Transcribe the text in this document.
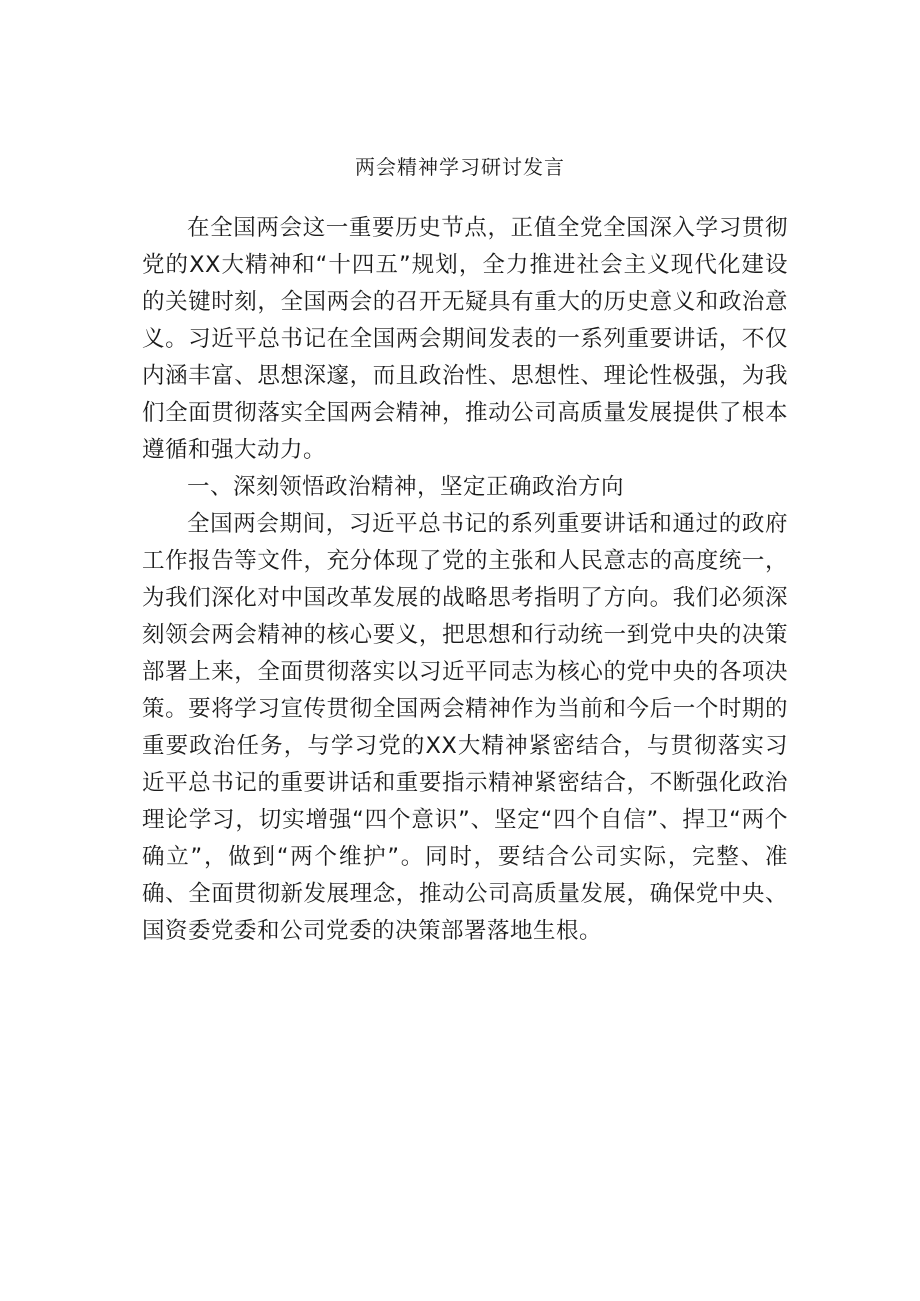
两会精神学习研讨发言

在全国两会这一重要历史节点，正值全党全国深入学习贯彻党的XX大精神和“十四五”规划，全力推进社会主义现代化建设的关键时刻，全国两会的召开无疑具有重大的历史意义和政治意义。习近平总书记在全国两会期间发表的一系列重要讲话，不仅内涵丰富、思想深邃，而且政治性、思想性、理论性极强，为我们全面贯彻落实全国两会精神，推动公司高质量发展提供了根本遵循和强大动力。

一、深刻领悟政治精神，坚定正确政治方向

全国两会期间，习近平总书记的系列重要讲话和通过的政府工作报告等文件，充分体现了党的主张和人民意志的高度统一，为我们深化对中国改革发展的战略思考指明了方向。我们必须深刻领会两会精神的核心要义，把思想和行动统一到党中央的决策部署上来，全面贯彻落实以习近平同志为核心的党中央的各项决策。要将学习宣传贯彻全国两会精神作为当前和今后一个时期的重要政治任务，与学习党的XX大精神紧密结合，与贯彻落实习近平总书记的重要讲话和重要指示精神紧密结合，不断强化政治理论学习，切实增强“四个意识”、坚定“四个自信”、捍卫“两个确立”，做到“两个维护”。同时，要结合公司实际，完整、准确、全面贯彻新发展理念，推动公司高质量发展，确保党中央、国资委党委和公司党委的决策部署落地生根。
